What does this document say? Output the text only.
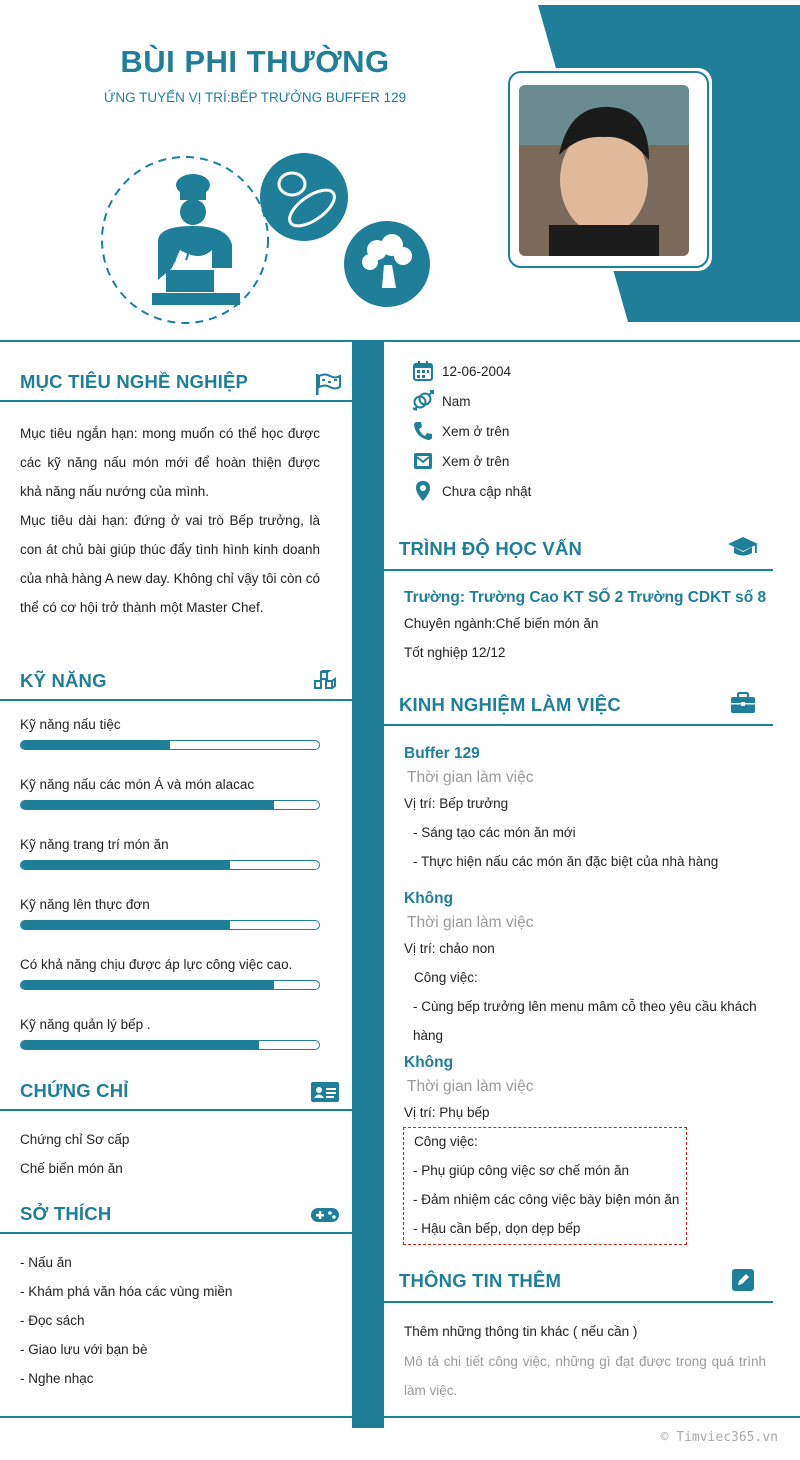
BÙI PHI THƯỜNG
ỨNG TUYỂN VỊ TRÍ:BẾP TRƯỞNG BUFFER 129
MỤC TIÊU NGHỀ NGHIỆP
Mục tiêu ngắn hạn: mong muốn có thể học được các kỹ năng nấu món mới để hoàn thiện được khả năng nấu nướng của mình.
Mục tiêu dài hạn: đứng ở vai trò Bếp trưởng, là con át chủ bài giúp thúc đẩy tình hình kinh doanh của nhà hàng A new day. Không chỉ vậy tôi còn có thể có cơ hội trở thành một Master Chef.
KỸ NĂNG
Kỹ năng nấu tiệc
Kỹ năng nấu các món Á và món alacac
Kỹ năng trang trí món ăn
Kỹ năng lên thực đơn
Có khả năng chịu được áp lực công việc cao.
Kỹ năng quản lý bếp .
CHỨNG CHỈ
Chứng chỉ Sơ cấp
Chế biến món ăn
SỞ THÍCH
- Nấu ăn
- Khám phá văn hóa các vùng miền
- Đọc sách
- Giao lưu với bạn bè
- Nghe nhạc
12-06-2004
Nam
Xem ở trên
Xem ở trên
Chưa cập nhật
TRÌNH ĐỘ HỌC VẤN
Trường: Trường Cao KT SỐ 2 Trường CDKT số 8
Chuyên ngành:Chế biến món ăn
Tốt nghiệp 12/12
KINH NGHIỆM LÀM VIỆC
Buffer 129
Thời gian làm việc
Vị trí: Bếp trưởng
- Sáng tạo các món ăn mới
- Thực hiện nấu các món ăn đặc biệt của nhà hàng
Không
Thời gian làm việc
Vị trí: chảo non
Công việc:
- Cùng bếp trưởng lên menu mâm cỗ theo yêu cầu khách
hàng
Không
Thời gian làm việc
Vị trí: Phụ bếp
Công việc:
- Phụ giúp công việc sơ chế món ăn
- Đảm nhiệm các công việc bày biện món ăn
- Hậu cần bếp, dọn dẹp bếp
THÔNG TIN THÊM
Thêm những thông tin khác ( nếu cần )
Mô tả chi tiết công việc, những gì đạt được trong quá trình làm việc.
© Timviec365.vn
